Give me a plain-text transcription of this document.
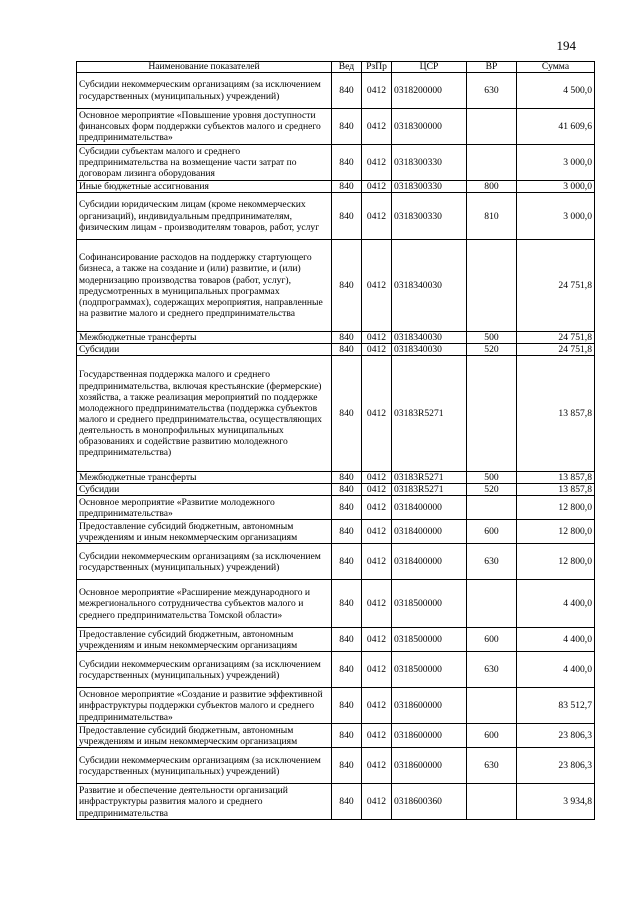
194
Наименование показателей	Вед	РзПр	ЦСР	ВР	Сумма
Субсидии некоммерческим организациям (за исключением государственных (муниципальных) учреждений)	840	0412	0318200000	630	4 500,0
Основное мероприятие «Повышение уровня доступности финансовых форм поддержки субъектов малого и среднего предпринимательства»	840	0412	0318300000		41 609,6
Субсидии субъектам малого и среднего предпринимательства на возмещение части затрат по договорам лизинга оборудования	840	0412	0318300330		3 000,0
Иные бюджетные ассигнования	840	0412	0318300330	800	3 000,0
Субсидии юридическим лицам (кроме некоммерческих организаций), индивидуальным предпринимателям, физическим лицам - производителям товаров, работ, услуг	840	0412	0318300330	810	3 000,0
Софинансирование расходов на поддержку стартующего бизнеса, а также на создание и (или) развитие, и (или) модернизацию производства товаров (работ, услуг), предусмотренных в муниципальных программах (подпрограммах), содержащих мероприятия, направленные на развитие малого и среднего предпринимательства	840	0412	0318340030		24 751,8
Межбюджетные трансферты	840	0412	0318340030	500	24 751,8
Субсидии	840	0412	0318340030	520	24 751,8
Государственная поддержка малого и среднего предпринимательства, включая крестьянские (фермерские) хозяйства, а также реализация мероприятий по поддержке молодежного предпринимательства (поддержка субъектов малого и среднего предпринимательства, осуществляющих деятельность в монопрофильных муниципальных образованиях и содействие развитию молодежного предпринимательства)	840	0412	03183R5271		13 857,8
Межбюджетные трансферты	840	0412	03183R5271	500	13 857,8
Субсидии	840	0412	03183R5271	520	13 857,8
Основное мероприятие «Развитие молодежного предпринимательства»	840	0412	0318400000		12 800,0
Предоставление субсидий бюджетным, автономным учреждениям и иным некоммерческим организациям	840	0412	0318400000	600	12 800,0
Субсидии некоммерческим организациям (за исключением государственных (муниципальных) учреждений)	840	0412	0318400000	630	12 800,0
Основное мероприятие «Расширение международного и межрегионального сотрудничества субъектов малого и среднего предпринимательства Томской области»	840	0412	0318500000		4 400,0
Предоставление субсидий бюджетным, автономным учреждениям и иным некоммерческим организациям	840	0412	0318500000	600	4 400,0
Субсидии некоммерческим организациям (за исключением государственных (муниципальных) учреждений)	840	0412	0318500000	630	4 400,0
Основное мероприятие «Создание и развитие эффективной инфраструктуры поддержки субъектов малого и среднего предпринимательства»	840	0412	0318600000		83 512,7
Предоставление субсидий бюджетным, автономным учреждениям и иным некоммерческим организациям	840	0412	0318600000	600	23 806,3
Субсидии некоммерческим организациям (за исключением государственных (муниципальных) учреждений)	840	0412	0318600000	630	23 806,3
Развитие и обеспечение деятельности организаций инфраструктуры развития малого и среднего предпринимательства	840	0412	0318600360		3 934,8
